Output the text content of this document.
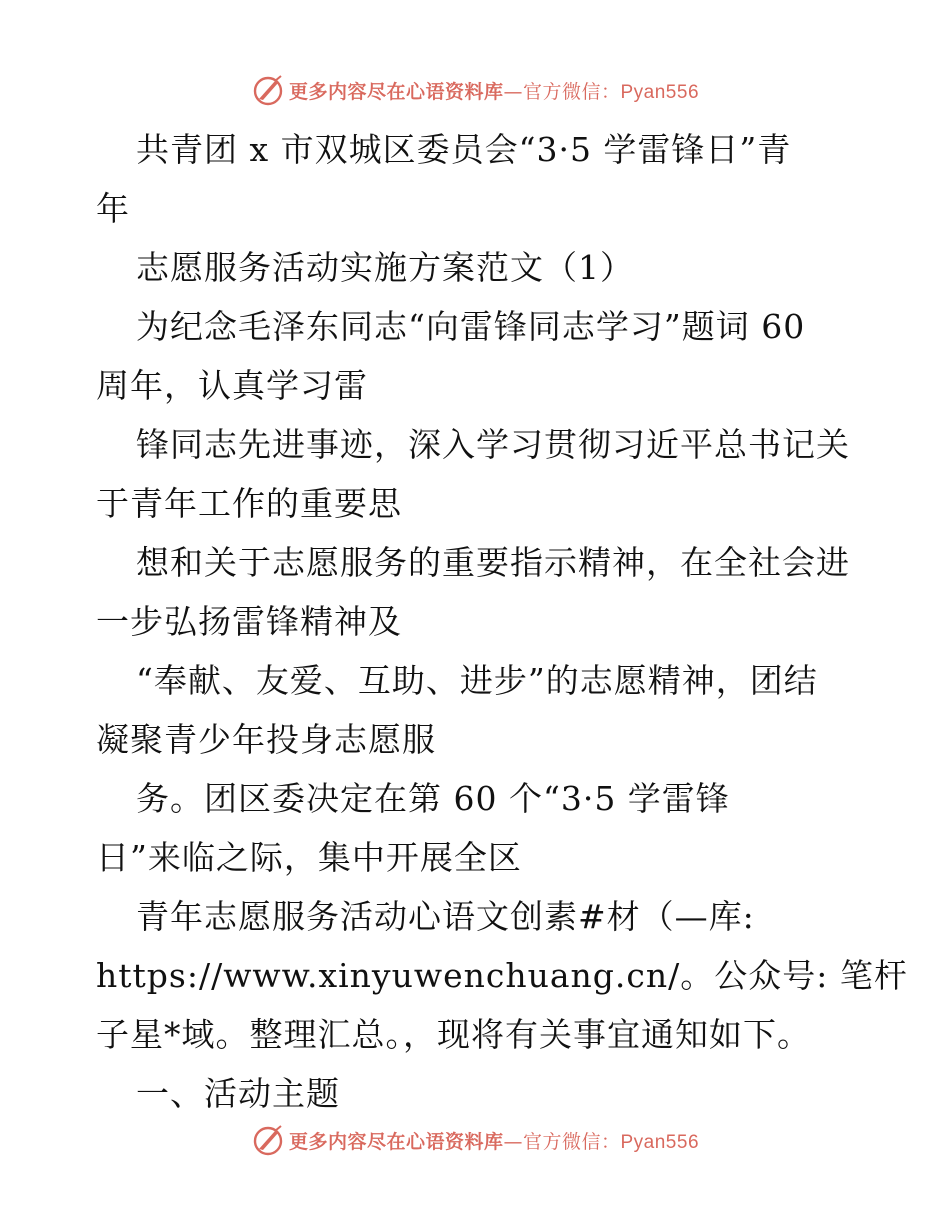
更多内容尽在心语资料库—官方微信：Pyan556
共青团 x 市双城区委员会“3·5 学雷锋日”青
年
志愿服务活动实施方案范文（1）
为纪念毛泽东同志“向雷锋同志学习”题词 60
周年，认真学习雷
锋同志先进事迹，深入学习贯彻习近平总书记关
于青年工作的重要思
想和关于志愿服务的重要指示精神，在全社会进
一步弘扬雷锋精神及
“奉献、友爱、互助、进步”的志愿精神，团结
凝聚青少年投身志愿服
务。团区委决定在第 60 个“3·5 学雷锋
日”来临之际，集中开展全区
青年志愿服务活动心语文创素#材（—库:
https://www.xinyuwenchuang.cn/。公众号: 笔杆
子星*域。整理汇总。，现将有关事宜通知如下。
一、活动主题
更多内容尽在心语资料库—官方微信：Pyan556
